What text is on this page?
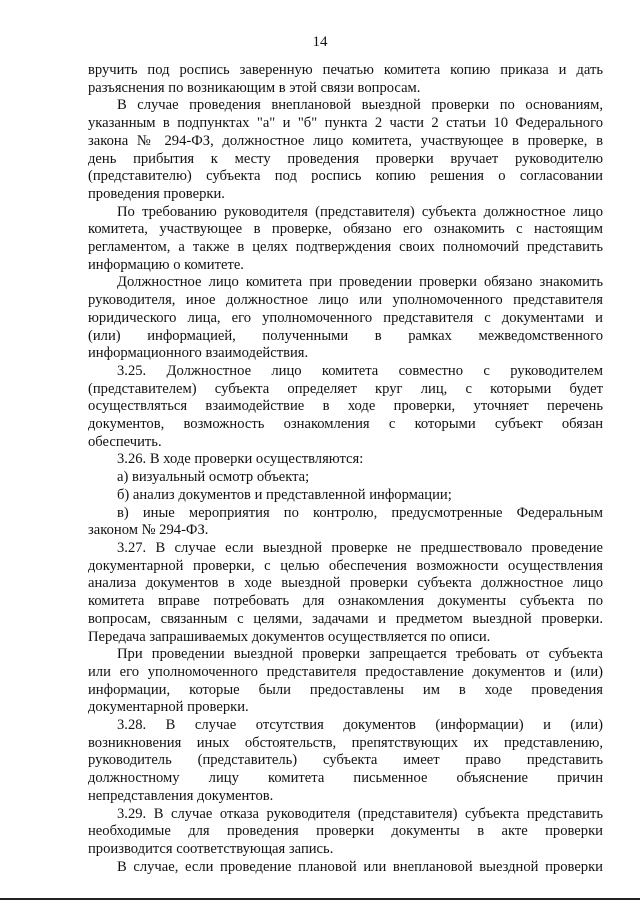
14
вручить под роспись заверенную печатью комитета копию приказа и дать
разъяснения по возникающим в этой связи вопросам.
В случае проведения внеплановой выездной проверки по основаниям,
указанным в подпунктах "а" и "б" пункта 2 части 2 статьи 10 Федерального
закона № 294-ФЗ, должностное лицо комитета, участвующее в проверке, в
день прибытия к месту проведения проверки вручает руководителю
(представителю) субъекта под роспись копию решения о согласовании
проведения проверки.
По требованию руководителя (представителя) субъекта должностное лицо
комитета, участвующее в проверке, обязано его ознакомить с настоящим
регламентом, а также в целях подтверждения своих полномочий представить
информацию о комитете.
Должностное лицо комитета при проведении проверки обязано знакомить
руководителя, иное должностное лицо или уполномоченного представителя
юридического лица, его уполномоченного представителя с документами и
(или) информацией, полученными в рамках межведомственного
информационного взаимодействия.
3.25. Должностное лицо комитета совместно с руководителем
(представителем) субъекта определяет круг лиц, с которыми будет
осуществляться взаимодействие в ходе проверки, уточняет перечень
документов, возможность ознакомления с которыми субъект обязан
обеспечить.
3.26. В ходе проверки осуществляются:
а) визуальный осмотр объекта;
б) анализ документов и представленной информации;
в) иные мероприятия по контролю, предусмотренные Федеральным
законом № 294-ФЗ.
3.27. В случае если выездной проверке не предшествовало проведение
документарной проверки, с целью обеспечения возможности осуществления
анализа документов в ходе выездной проверки субъекта должностное лицо
комитета вправе потребовать для ознакомления документы субъекта по
вопросам, связанным с целями, задачами и предметом выездной проверки.
Передача запрашиваемых документов осуществляется по описи.
При проведении выездной проверки запрещается требовать от субъекта
или его уполномоченного представителя предоставление документов и (или)
информации, которые были предоставлены им в ходе проведения
документарной проверки.
3.28. В случае отсутствия документов (информации) и (или)
возникновения иных обстоятельств, препятствующих их представлению,
руководитель (представитель) субъекта имеет право представить
должностному лицу комитета письменное объяснение причин
непредставления документов.
3.29. В случае отказа руководителя (представителя) субъекта представить
необходимые для проведения проверки документы в акте проверки
производится соответствующая запись.
В случае, если проведение плановой или внеплановой выездной проверки
